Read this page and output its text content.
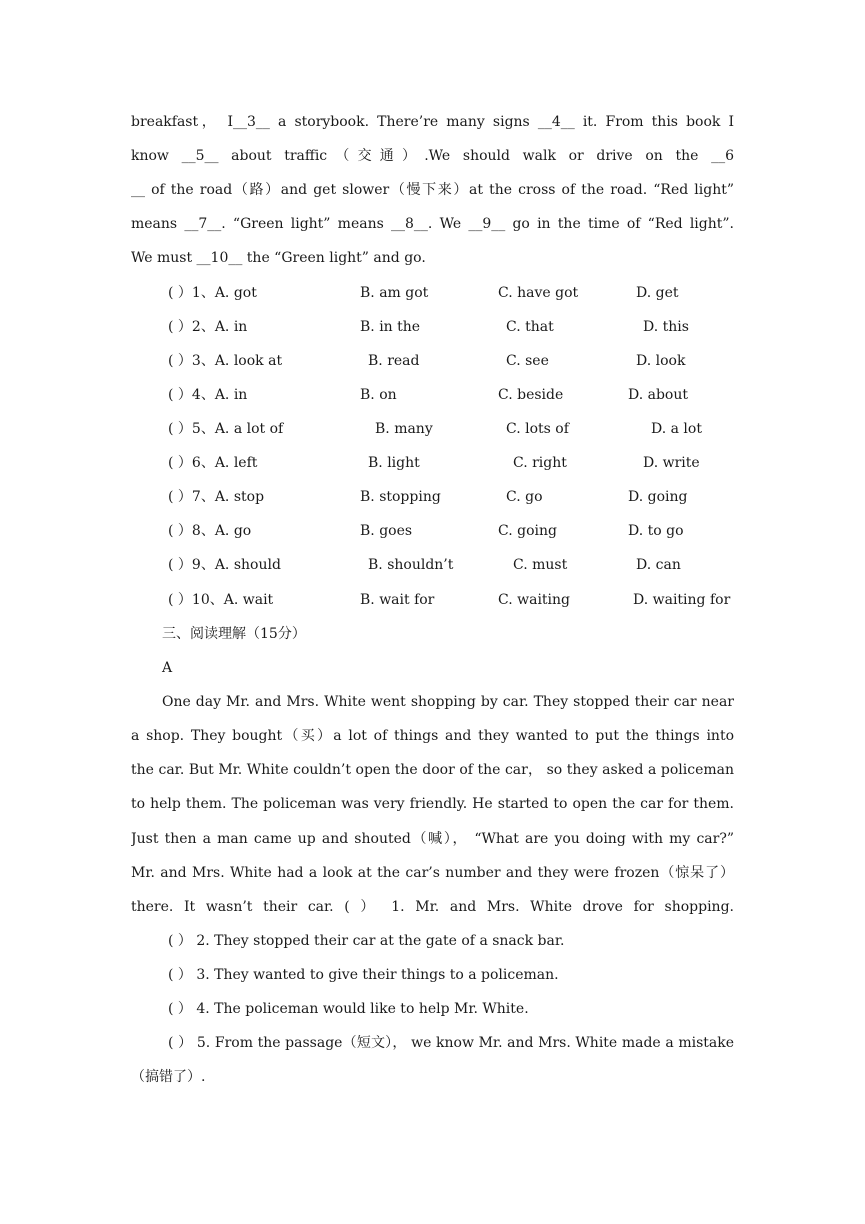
breakfast， I__3__ a storybook. There’re many signs __4__ it. From this book I
know __5__ about traffic（交通）.We should walk or drive on the __6
__ of the road（路）and get slower（慢下来）at the cross of the road. “Red light”
means __7__. “Green light” means __8__. We __9__ go in the time of “Red light”.
We must __10__ the “Green light” and go.
( ）1、A. got	B. am got	C. have got	D. get
( ）2、A. in	B. in the	C. that	D. this
( ）3、A. look at	B. read	C. see	D. look
( ）4、A. in	B. on	C. beside	D. about
( ）5、A. a lot of	B. many	C. lots of	D. a lot
( ）6、A. left	B. light	C. right	D. write
( ）7、A. stop	B. stopping	C. go	D. going
( ）8、A. go	B. goes	C. going	D. to go
( ）9、A. should	B. shouldn’t	C. must	D. can
( ）10、A. wait	B. wait for	C. waiting	D. waiting for
三、阅读理解（15分）
A
One day Mr. and Mrs. White went shopping by car. They stopped their car near
a shop. They bought（买）a lot of things and they wanted to put the things into
the car. But Mr. White couldn’t open the door of the car， so they asked a policeman
to help them. The policeman was very friendly. He started to open the car for them.
Just then a man came up and shouted（喊）， “What are you doing with my car?”
Mr. and Mrs. White had a look at the car’s number and they were frozen（惊呆了）
there. It wasn’t their car. ( ） 1. Mr. and Mrs. White drove for shopping.
( ） 2. They stopped their car at the gate of a snack bar.
( ） 3. They wanted to give their things to a policeman.
( ） 4. The policeman would like to help Mr. White.
( ） 5. From the passage（短文）， we know Mr. and Mrs. White made a mistake
（搞错了）.
